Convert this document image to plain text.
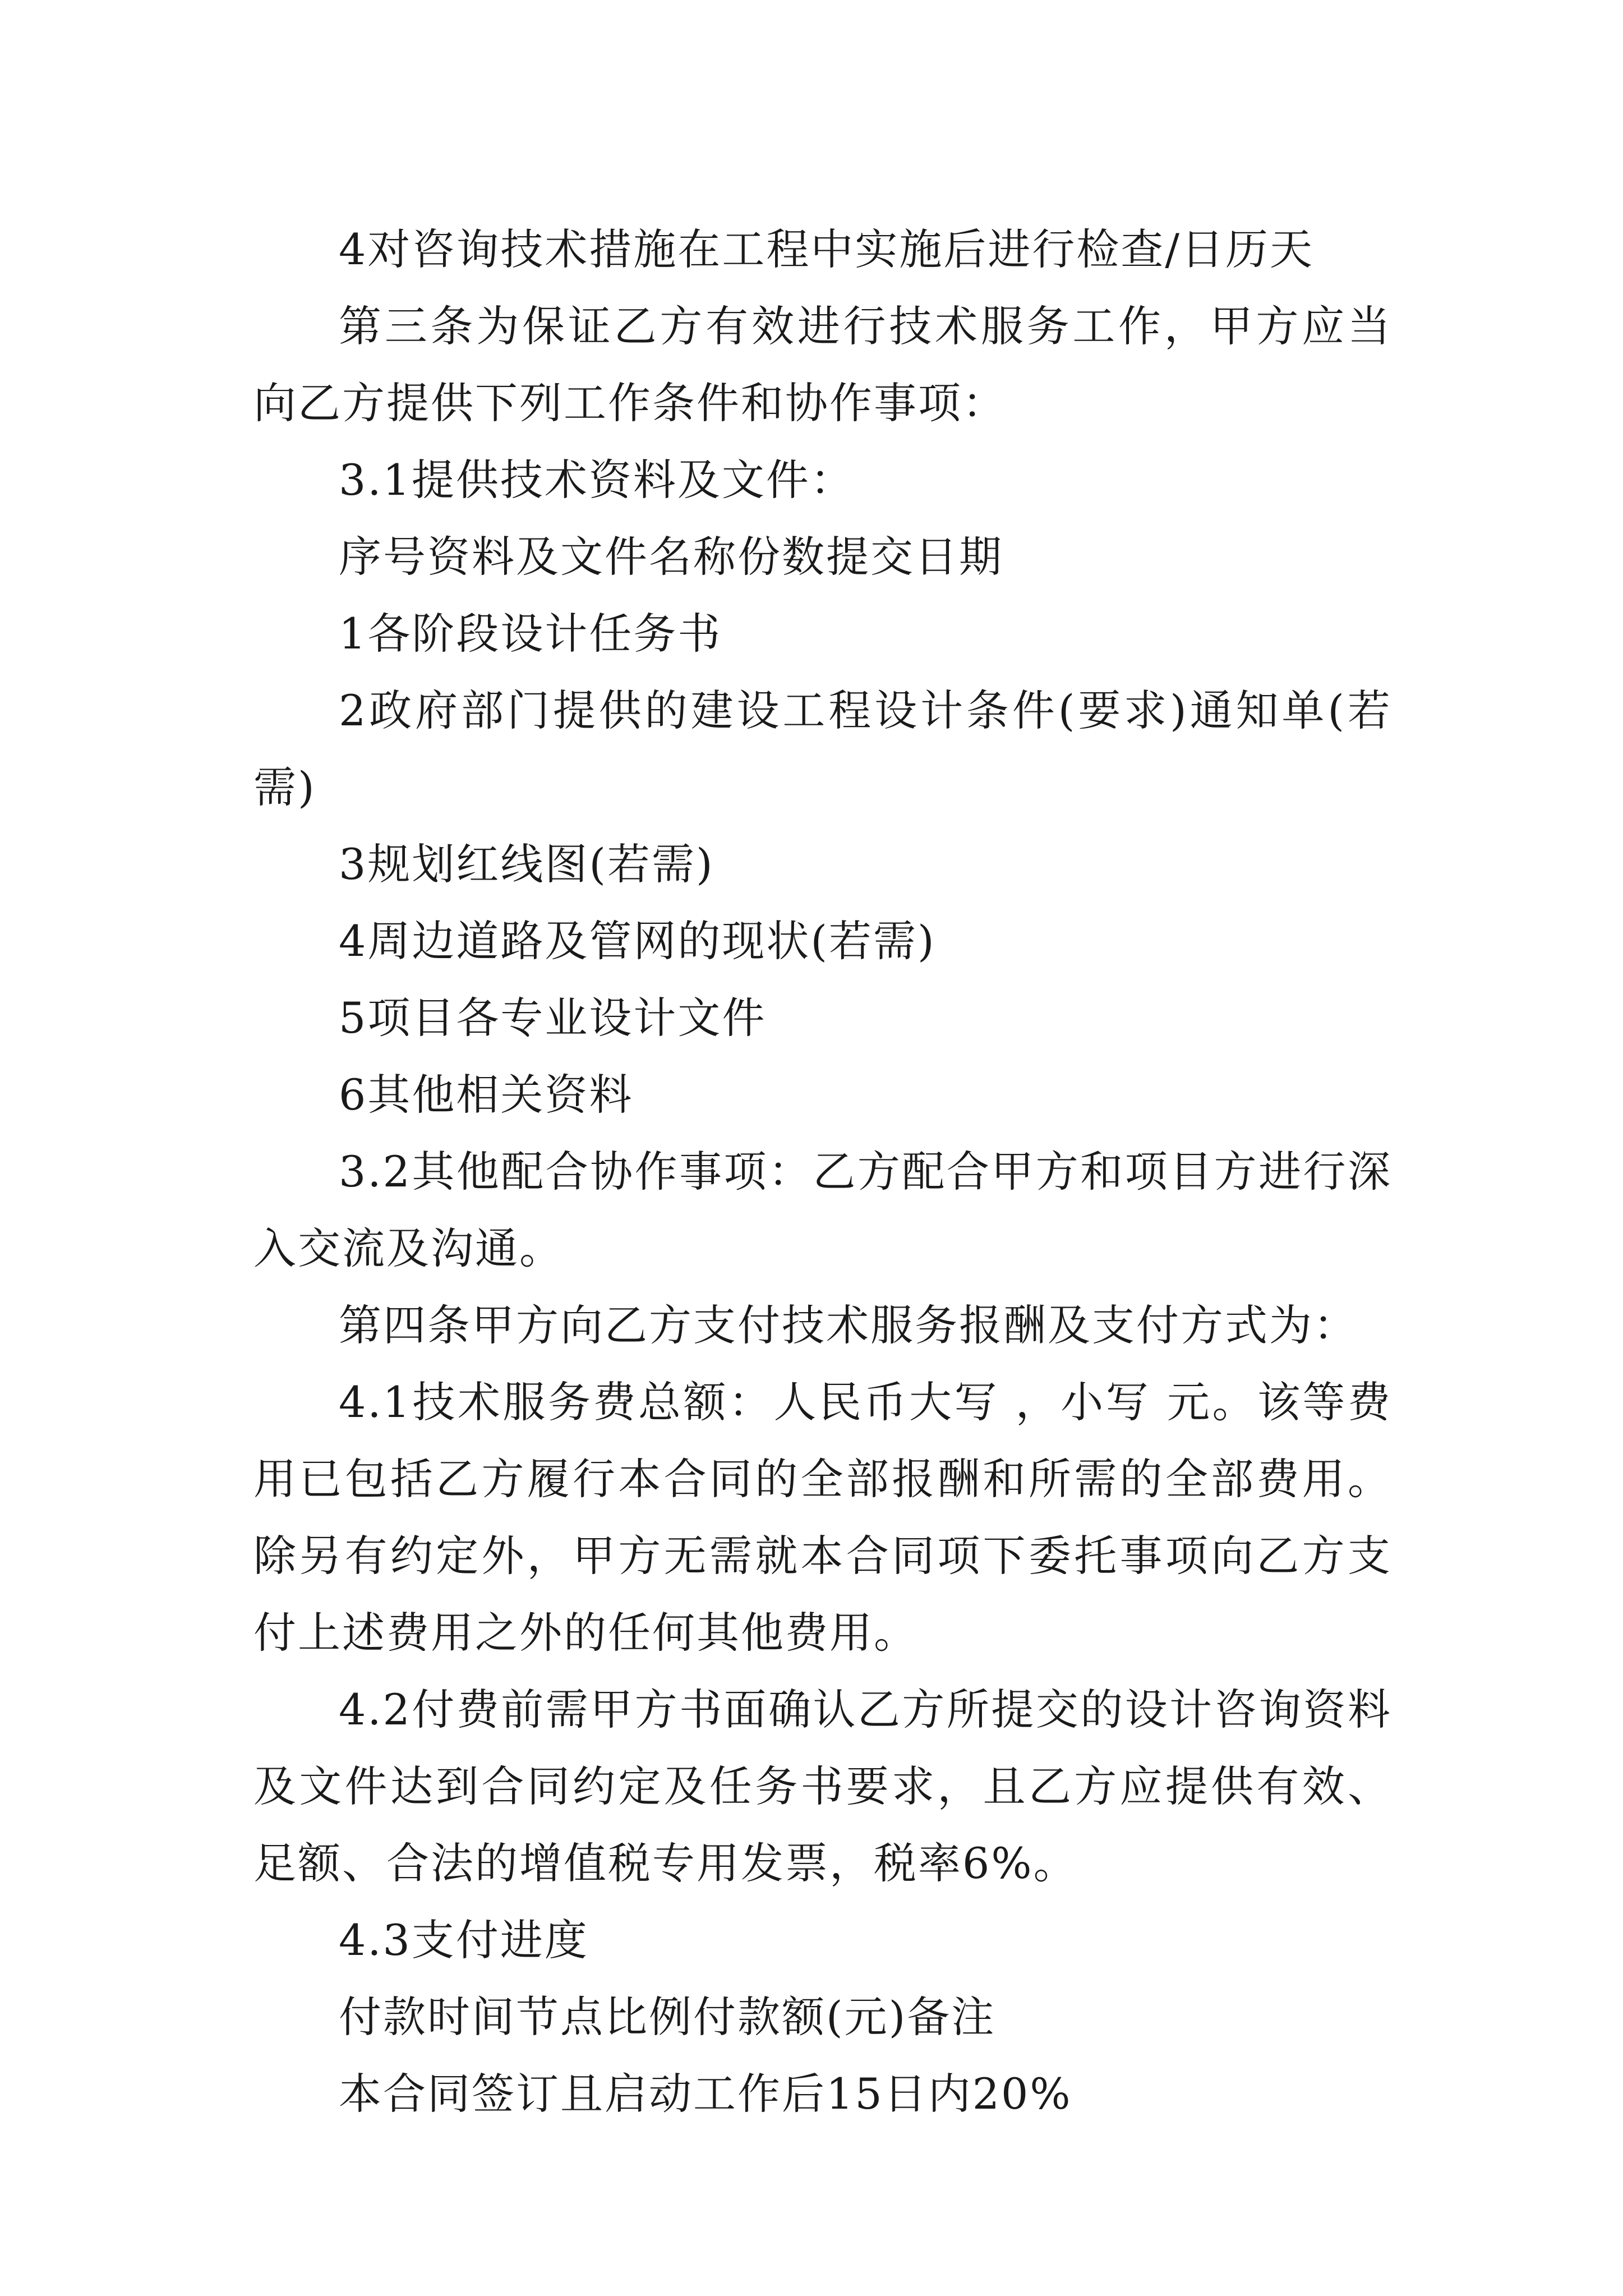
4对咨询技术措施在工程中实施后进行检查/日历天

第三条为保证乙方有效进行技术服务工作，甲方应当向乙方提供下列工作条件和协作事项：

3.1提供技术资料及文件：

序号资料及文件名称份数提交日期

1各阶段设计任务书

2政府部门提供的建设工程设计条件(要求)通知单(若需)

3规划红线图(若需)

4周边道路及管网的现状(若需)

5项目各专业设计文件

6其他相关资料

3.2其他配合协作事项：乙方配合甲方和项目方进行深入交流及沟通。

第四条甲方向乙方支付技术服务报酬及支付方式为：

4.1技术服务费总额：人民币大写 ，小写 元。该等费用已包括乙方履行本合同的全部报酬和所需的全部费用。除另有约定外，甲方无需就本合同项下委托事项向乙方支付上述费用之外的任何其他费用。

4.2付费前需甲方书面确认乙方所提交的设计咨询资料及文件达到合同约定及任务书要求，且乙方应提供有效、足额、合法的增值税专用发票，税率6%。

4.3支付进度

付款时间节点比例付款额(元)备注

本合同签订且启动工作后15日内20%
